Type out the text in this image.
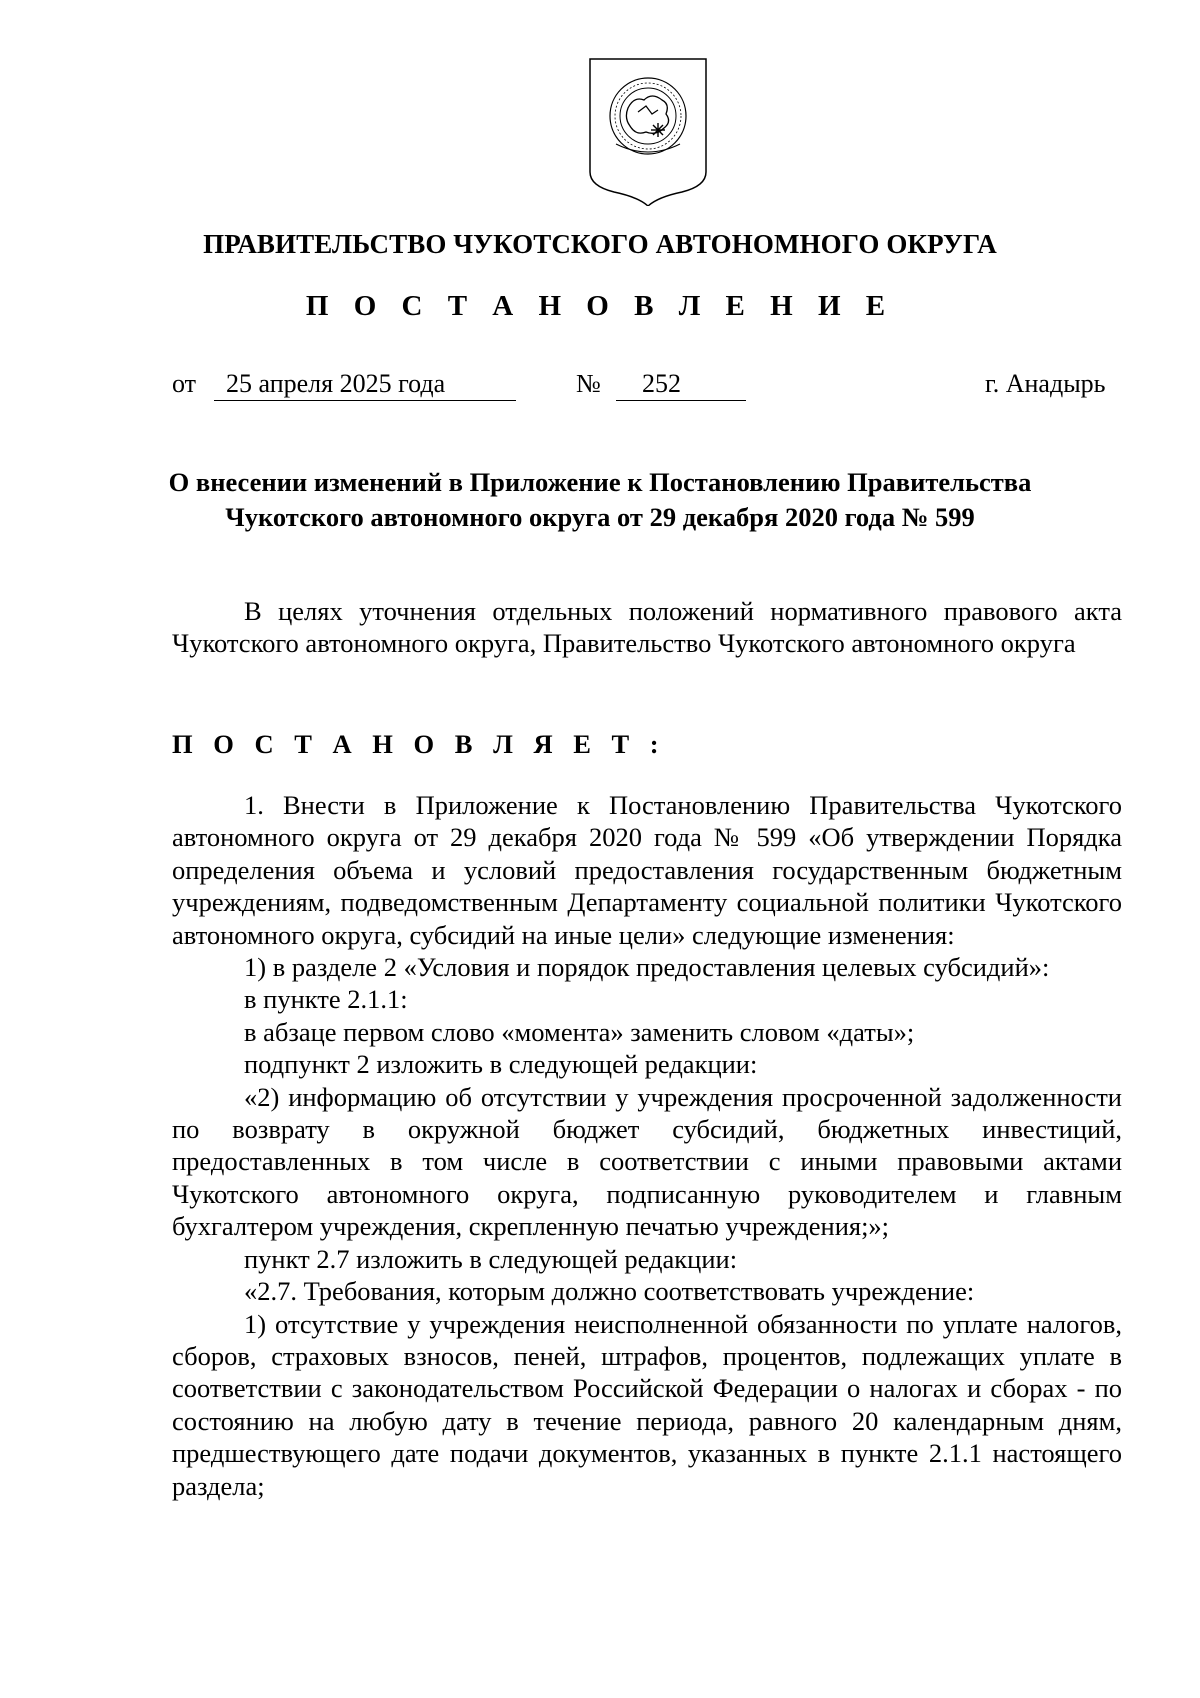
ПРАВИТЕЛЬСТВО ЧУКОТСКОГО АВТОНОМНОГО ОКРУГА
П О С Т А Н О В Л Е Н И Е
от 25 апреля 2025 года	№ 252	г. Анадырь
О внесении изменений в Приложение к Постановлению Правительства
Чукотского автономного округа от 29 декабря 2020 года № 599

В целях уточнения отдельных положений нормативного правового акта Чукотского автономного округа, Правительство Чукотского автономного округа

П О С Т А Н О В Л Я Е Т :

1. Внести в Приложение к Постановлению Правительства Чукотского автономного округа от 29 декабря 2020 года № 599 «Об утверждении Порядка определения объема и условий предоставления государственным бюджетным учреждениям, подведомственным Департаменту социальной политики Чукотского автономного округа, субсидий на иные цели» следующие изменения:

1) в разделе 2 «Условия и порядок предоставления целевых субсидий»:

в пункте 2.1.1:

в абзаце первом слово «момента» заменить словом «даты»;

подпункт 2 изложить в следующей редакции:

«2) информацию об отсутствии у учреждения просроченной задолженности по возврату в окружной бюджет субсидий, бюджетных инвестиций, предоставленных в том числе в соответствии с иными правовыми актами Чукотского автономного округа, подписанную руководителем и главным бухгалтером учреждения, скрепленную печатью учреждения;»;

пункт 2.7 изложить в следующей редакции:

«2.7. Требования, которым должно соответствовать учреждение:

1) отсутствие у учреждения неисполненной обязанности по уплате налогов, сборов, страховых взносов, пеней, штрафов, процентов, подлежащих уплате в соответствии с законодательством Российской Федерации о налогах и сборах - по состоянию на любую дату в течение периода, равного 20 календарным дням, предшествующего дате подачи документов, указанных в пункте 2.1.1 настоящего раздела;
